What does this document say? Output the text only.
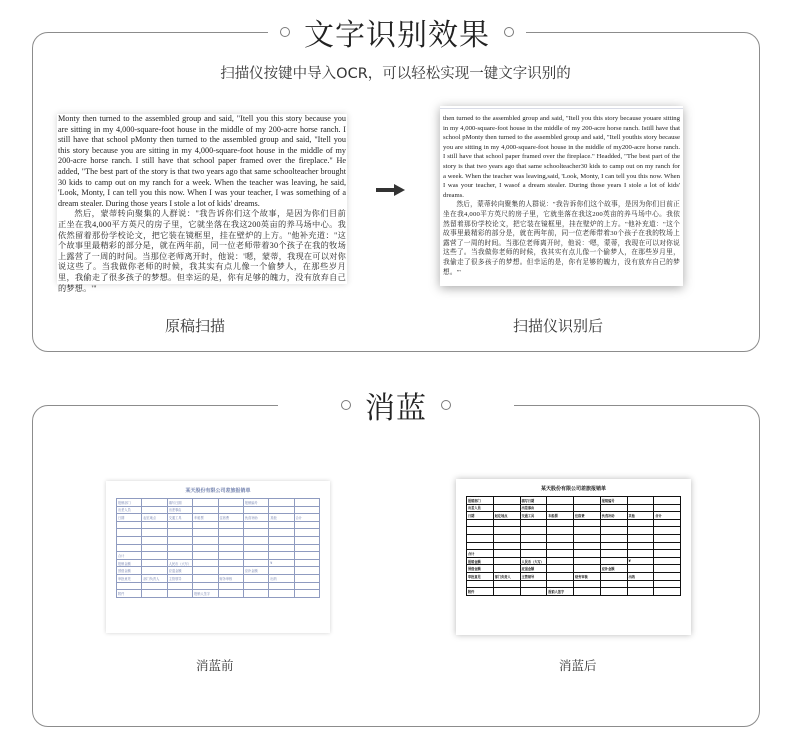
文字识别效果
扫描仪按键中导入OCR，可以轻松实现一键文字识别的

Monty then turned to the assembled group and said, "Itell you this story because you are sitting in my 4,000-square-foot house in the middle of my 200-acre horse ranch. I still have that school pMonty then turned to the assembled group and said, "Itell you this story because you are sitting in my 4,000-square-foot house in the middle of my 200-acre horse ranch. I still have that school paper framed over the fireplace." He added, "The best part of the story is that two years ago that same schoolteacher brought 30 kids to camp out on my ranch for a week. When the teacher was leaving, he said, 'Look, Monty, I can tell you this now. When I was your teacher, I was something of a dream stealer. During those years I stole a lot of kids' dreams.

然后，蒙蒂转向聚集的人群说："我告诉你们这个故事，是因为你们目前正坐在我4,000平方英尺的房子里，它就坐落在我这200英亩的养马场中心。我依然留着那份学校论文，把它装在镜框里，挂在壁炉的上方。"他补充道："这个故事里最精彩的部分是，就在两年前，同一位老师带着30个孩子在我的牧场上露营了一周的时间。当那位老师离开时，他说：'嗯，蒙蒂，我现在可以对你说这些了。当我做你老师的时候，我其实有点儿像一个偷梦人，在那些岁月里，我偷走了很多孩子的梦想。但幸运的是，你有足够的魄力，没有放弃自己的梦想。'"

then turned to the assembled group and said, "Itell you this story because youare sitting in my 4,000-square-foot house in the middle of my 200-acre horse ranch. Istill have that school pMonty then turned to the assembled group and said, "Itell youthis story because you are sitting in my 4,000-square-foot house in the middle of my200-acre horse ranch. I still have that school paper framed over the fireplace." Headded, "The best part of the story is that two years ago that same schoolteacher30 kids to camp out on my ranch for a week. When the teacher was leaving,said, 'Look, Monty, I can tell you this now. When I was your teacher, I wasof a dream stealer. During those years I stole a lot of kids' dreams.

然后，蒙蒂转向聚集的人群说："我告诉你们这个故事，是因为你们目前正坐在我4,000平方英尺的房子里，它就坐落在我这200英亩的养马场中心。我依然留着那份学校论文，把它装在镜框里，挂在壁炉的上方。"他补充道："这个故事里最精彩的部分是，就在两年前，同一位老师带着30个孩子在我的牧场上露营了一周的时间。当那位老师离开时，他说：'嗯，蒙蒂，我现在可以对你说这些了。当我做你老师的时候，我其实有点儿像一个偷梦人，在那些岁月里，我偷走了很多孩子的梦想。但幸运的是，你有足够的魄力，没有放弃自己的梦想。'"

原稿扫描	扫描仪识别后
消蓝
某天股份有限公司差旅报销单
报销部门		填写日期			报销编号		
出差人员		出差事由					
日期	起讫地点	交通工具	车船票	住宿费	伙食补助	其他	合计

合计							
报销金额		人民币（大写）				¥	
预借金额		应退金额			应补金额		
审批意见	部门负责人	主管领导		财务审核		出纳	

附件			报销人签字				
某天股份有限公司差旅报销单
报销部门		填写日期			报销编号		
出差人员		出差事由					
日期	起讫地点	交通工具	车船票	住宿费	伙食补助	其他	合计

合计							
报销金额		人民币（大写）				¥	
预借金额		应退金额			应补金额		
审批意见	部门负责人	主管领导		财务审核		出纳	

附件			报销人签字				
消蓝前	消蓝后
